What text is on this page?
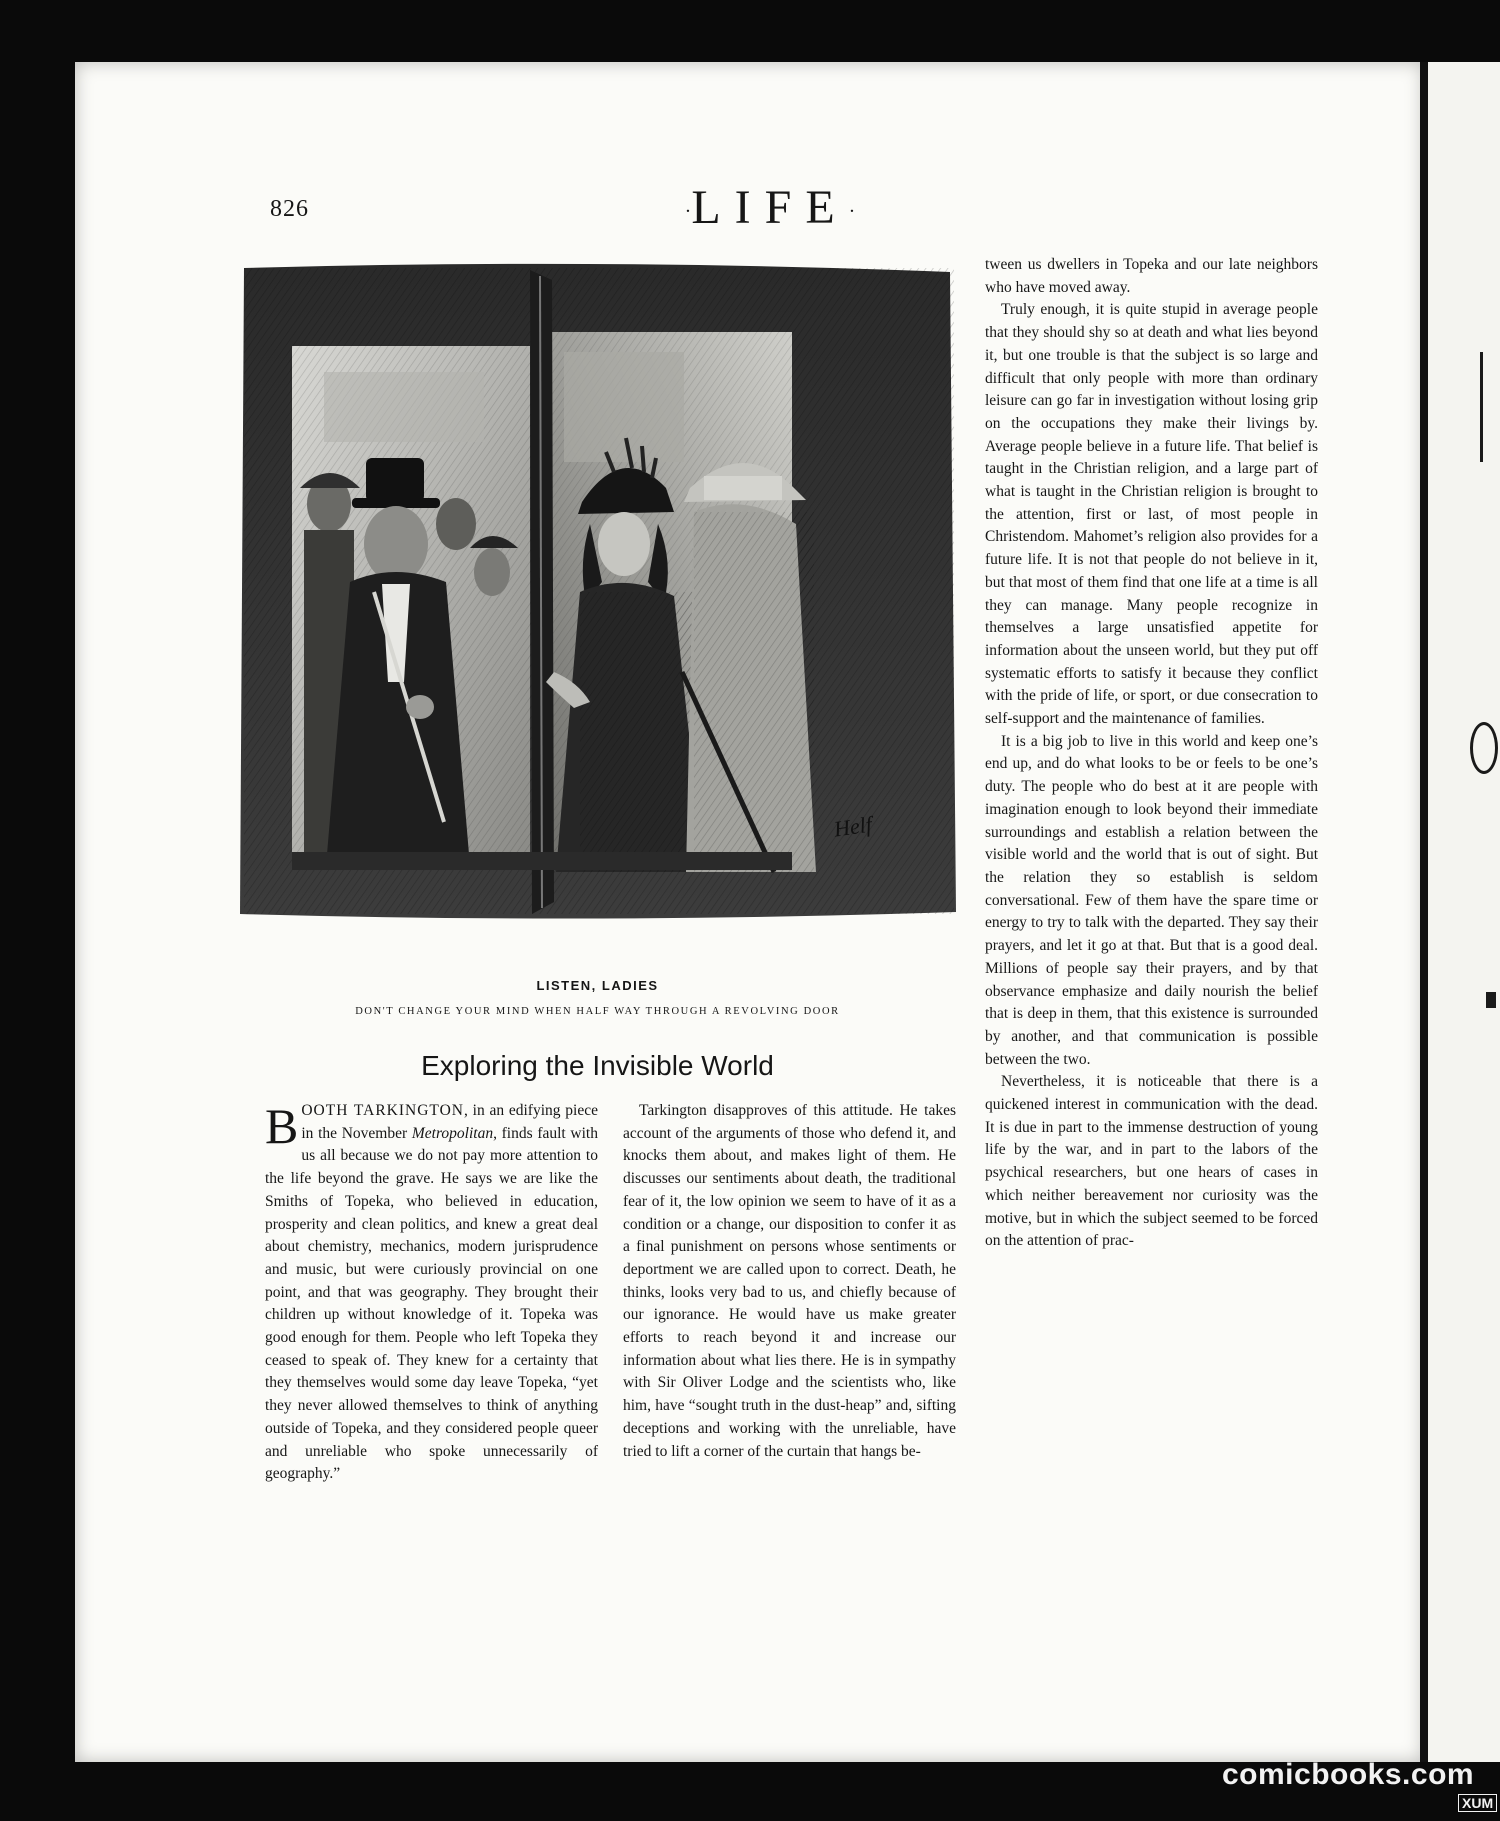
826	·LIFE·
Helf
LISTEN, LADIES
DON'T CHANGE YOUR MIND WHEN HALF WAY THROUGH A REVOLVING DOOR
Exploring the Invisible World

BOOTH TARKINGTON, in an edifying piece in the November Metropolitan, finds fault with us all because we do not pay more attention to the life beyond the grave. He says we are like the Smiths of Topeka, who believed in education, prosperity and clean politics, and knew a great deal about chemistry, mechanics, modern jurisprudence and music, but were curiously provincial on one point, and that was geography. They brought their children up without knowledge of it. Topeka was good enough for them. People who left Topeka they ceased to speak of. They knew for a certainty that they themselves would some day leave Topeka, “yet they never allowed themselves to think of anything outside of Topeka, and they considered people queer and unreliable who spoke unnecessarily of geography.”

Tarkington disapproves of this attitude. He takes account of the arguments of those who defend it, and knocks them about, and makes light of them. He discusses our sentiments about death, the traditional fear of it, the low opinion we seem to have of it as a condition or a change, our disposition to confer it as a final punishment on persons whose sentiments or deportment we are called upon to correct. Death, he thinks, looks very bad to us, and chiefly because of our ignorance. He would have us make greater efforts to reach beyond it and increase our information about what lies there. He is in sympathy with Sir Oliver Lodge and the scientists who, like him, have “sought truth in the dust-heap” and, sifting deceptions and working with the unreliable, have tried to lift a corner of the curtain that hangs be-

tween us dwellers in Topeka and our late neighbors who have moved away.

Truly enough, it is quite stupid in average people that they should shy so at death and what lies beyond it, but one trouble is that the subject is so large and difficult that only people with more than ordinary leisure can go far in investigation without losing grip on the occupations they make their livings by. Average people believe in a future life. That belief is taught in the Christian religion, and a large part of what is taught in the Christian religion is brought to the attention, first or last, of most people in Christendom. Mahomet’s religion also provides for a future life. It is not that people do not believe in it, but that most of them find that one life at a time is all they can manage. Many people recognize in themselves a large unsatisfied appetite for information about the unseen world, but they put off systematic efforts to satisfy it because they conflict with the pride of life, or sport, or due consecration to self-support and the maintenance of families.

It is a big job to live in this world and keep one’s end up, and do what looks to be or feels to be one’s duty. The people who do best at it are people with imagination enough to look beyond their immediate surroundings and establish a relation between the visible world and the world that is out of sight. But the relation they so establish is seldom conversational. Few of them have the spare time or energy to try to talk with the departed. They say their prayers, and let it go at that. But that is a good deal. Millions of people say their prayers, and by that observance emphasize and daily nourish the belief that is deep in them, that this existence is surrounded by another, and that communication is possible between the two.

Nevertheless, it is noticeable that there is a quickened interest in communication with the dead. It is due in part to the immense destruction of young life by the war, and in part to the labors of the psychical researchers, but one hears of cases in which neither bereavement nor curiosity was the motive, but in which the subject seemed to be forced on the attention of prac-

comicbooks.com
XUM
